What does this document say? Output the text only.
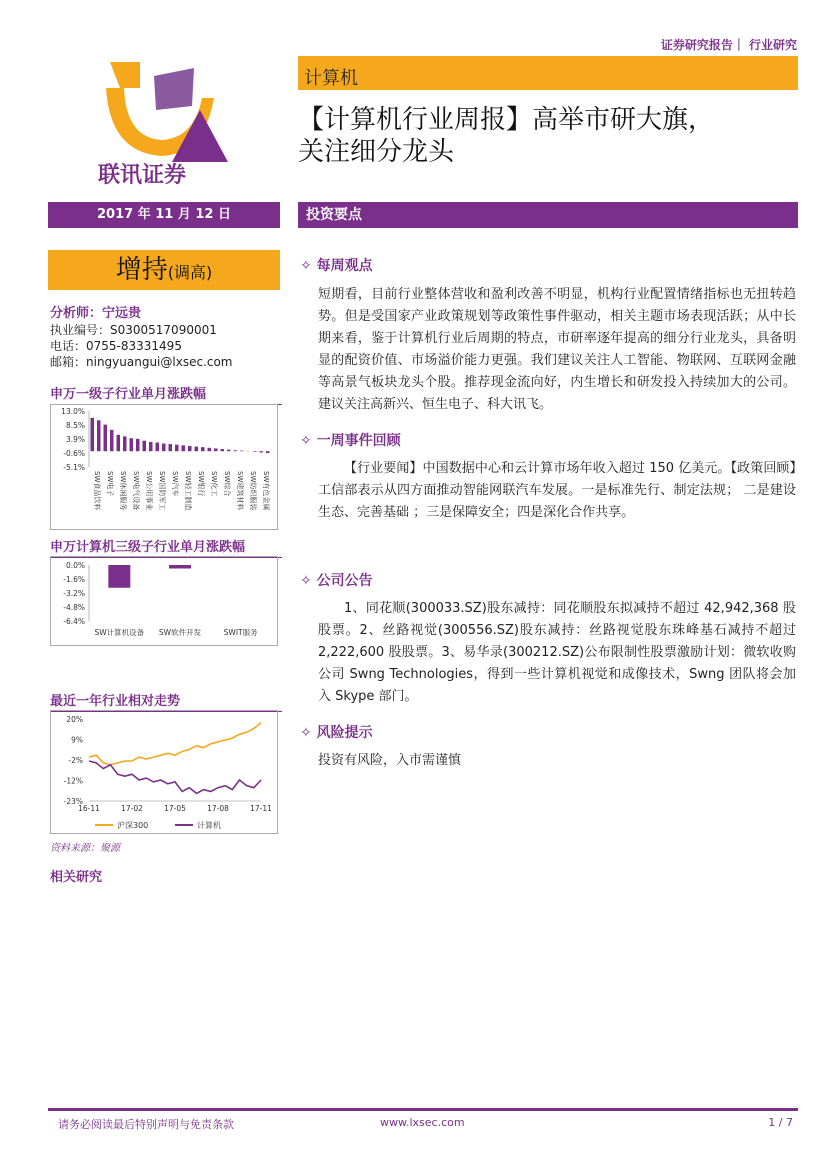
证券研究报告｜ 行业研究
联讯证券
计算机
【计算机行业周报】高举市研大旗，
关注细分龙头
2017 年 11 月 12 日	投资要点
增持(调高)
分析师：宁远贵
执业编号：S0300517090001
电话：0755-83331495
邮箱：ningyuangui@lxsec.com
申万一级子行业单月涨跌幅
13.0%
8.5%
3.9%
-0.6%
-5.1%
SW食品饮料 SW电子 SW休闲服务 SW电气设备 SW公用事业 SW国防军工 SW汽车 SW轻工制造 SW银行 SW化工 SW综合 SW建筑材料 SW纺织服装 SW有色金属
申万计算机三级子行业单月涨跌幅
0.0%
-1.6%
-3.2%
-4.8%
-6.4%
SW计算机设备 SW软件开发	SWIT服务
最近一年行业相对走势
20%
9%
-2%
-12%
-23%
16-11	17-02	17-05	17-08	17-11
沪深300	计算机
资料来源：聚源
相关研究
✧ 每周观点
短期看，目前行业整体营收和盈利改善不明显，机构行业配置情绪指标也无扭转趋势。但是受国家产业政策规划等政策性事件驱动，相关主题市场表现活跃；从中长期来看，鉴于计算机行业后周期的特点，市研率逐年提高的细分行业龙头，具备明显的配资价值、市场溢价能力更强。我们建议关注人工智能、物联网、互联网金融等高景气板块龙头个股。推荐现金流向好，内生增长和研发投入持续加大的公司。建议关注高新兴、恒生电子、科大讯飞。
✧ 一周事件回顾
【行业要闻】中国数据中心和云计算市场年收入超过 150 亿美元。【政策回顾】工信部表示从四方面推动智能网联汽车发展。一是标准先行、制定法规； 二是建设生态、完善基础 ；三是保障安全；四是深化合作共享。
✧ 公司公告
1、同花顺(300033.SZ)股东减持：同花顺股东拟减持不超过 42,942,368 股股票。2、丝路视觉(300556.SZ)股东减持：丝路视觉股东珠峰基石减持不超过 2,222,600 股股票。3、易华录(300212.SZ)公布限制性股票激励计划：微软收购公司 Swng Technologies，得到一些计算机视觉和成像技术，Swng 团队将会加入 Skype 部门。
✧ 风险提示
投资有风险，入市需谨慎
请务必阅读最后特别声明与免责条款	www.lxsec.com	1 / 7
